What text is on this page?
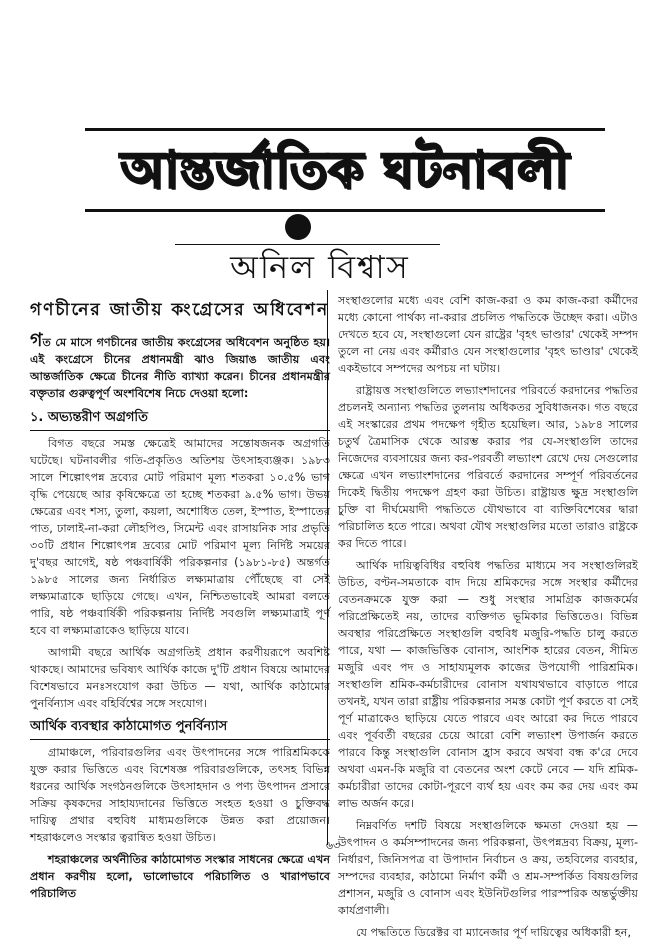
আন্তর্জাতিক ঘটনাবলী
অনিল বিশ্বাস
গণচীনের জাতীয় কংগ্রেসের অধিবেশন
গত মে মাসে গণচীনের জাতীয় কংগ্রেসের অধিবেশন অনুষ্ঠিত হয়। এই কংগ্রেসে চীনের প্রধানমন্ত্রী ঝাও জিয়াঙ জাতীয় এবং আন্তর্জাতিক ক্ষেত্রে চীনের নীতি ব্যাখ্যা করেন। চীনের প্রধানমন্ত্রীর বক্তৃতার গুরুত্বপূর্ণ অংশবিশেষ নিচে দেওয়া হলো:
১. অভ্যন্তরীণ অগ্রগতি

বিগত বছরে সমস্ত ক্ষেত্রেই আমাদের সন্তোষজনক অগ্রগতি ঘটেছে। ঘটনাবলীর গতি-প্রকৃতিও অতিশয় উৎসাহব্যঞ্জক। ১৯৮৩ সালে শিল্পোৎপন্ন দ্রব্যের মোট পরিমাণ মূল্য শতকরা ১০.৫% ভাগ বৃদ্ধি পেয়েছে আর কৃষিক্ষেত্রে তা হচ্ছে শতকরা ৯.৫% ভাগ। উভয় ক্ষেত্রের এবং শস্য, তুলা, কয়লা, অশোধিত তেল, ইস্পাত, ইস্পাতের পাত, ঢালাই-না-করা লৌহপিণ্ড, সিমেন্ট এবং রাসায়নিক সার প্রভৃতি ৩০টি প্রধান শিল্পোৎপন্ন দ্রব্যের মোট পরিমাণ মূল্য নির্দিষ্ট সময়ের দু'বছর আগেই, ষষ্ঠ পঞ্চবার্ষিকী পরিকল্পনার (১৯৮১-৮৫) অন্তর্গত ১৯৮৫ সালের জন্য নির্ধারিত লক্ষ্যমাত্রায় পৌঁছেছে বা সেই লক্ষ্যমাত্রাকে ছাড়িয়ে গেছে। এখন, নিশ্চিতভাবেই আমরা বলতে পারি, ষষ্ঠ পঞ্চবার্ষিকী পরিকল্পনায় নির্দিষ্ট সবগুলি লক্ষ্যমাত্রাই পূর্ণ হবে বা লক্ষ্যমাত্রাকেও ছাড়িয়ে যাবে।

আগামী বছরে আর্থিক অগ্রগতিই প্রধান করণীয়রূপে অবশিষ্ট থাকছে। আমাদের ভবিষ্যৎ আর্থিক কাজে দু'টি প্রধান বিষয়ে আমাদের বিশেষভাবে মনঃসংযোগ করা উচিত — যথা, আর্থিক কাঠামোর পুনর্বিন্যাস এবং বহির্বিশ্বের সঙ্গে সংযোগ।

আর্থিক ব্যবস্থার কাঠামোগত পুনর্বিন্যাস

গ্রামাঞ্চলে, পরিবারগুলির এবং উৎপাদনের সঙ্গে পারিশ্রমিককে যুক্ত করার ভিত্তিতে এবং বিশেষজ্ঞ পরিবারগুলিকে, তৎসহ বিভিন্ন ধরনের আর্থিক সংগঠনগুলিকে উৎসাহদান ও পণ্য উৎপাদন প্রসারে সক্রিয় কৃষকদের সাহায্যদানের ভিত্তিতে সংহত হওয়া ও চুক্তিবদ্ধ দায়িত্ব প্রথার বহুবিধ মাধ্যমগুলিকে উন্নত করা প্রয়োজন। শহরাঞ্চলেও সংস্কার ত্বরান্বিত হওয়া উচিত।

শহরাঞ্চলের অর্থনীতির কাঠামোগত সংস্কার সাধনের ক্ষেত্রে এখন প্রধান করণীয় হলো, ভালোভাবে পরিচালিত ও খারাপভাবে পরিচালিত

সংস্থাগুলোর মধ্যে এবং বেশি কাজ-করা ও কম কাজ-করা কর্মীদের মধ্যে কোনো পার্থক্য না-করার প্রচলিত পদ্ধতিকে উচ্ছেদ করা। এটাও দেখতে হবে যে, সংস্থাগুলো যেন রাষ্ট্রের 'বৃহৎ ভাণ্ডার' থেকেই সম্পদ তুলে না নেয় এবং কর্মীরাও যেন সংস্থাগুলোর 'বৃহৎ ভাণ্ডার' থেকেই একইভাবে সম্পদের অপচয় না ঘটায়।

রাষ্ট্রায়ত্ত সংস্থাগুলিতে লভ্যাংশদানের পরিবর্তে করদানের পদ্ধতির প্রচলনই অন্যান্য পদ্ধতির তুলনায় অধিকতর সুবিধাজনক। গত বছরে এই সংস্কারের প্রথম পদক্ষেপ গৃহীত হয়েছিল। আর, ১৯৮৪ সালের চতুর্থ ত্রৈমাসিক থেকে আরম্ভ করার পর যে-সংস্থাগুলি তাদের নিজেদের ব্যবসায়ের জন্য কর-পরবর্তী লভ্যাংশ রেখে দেয় সেগুলোর ক্ষেত্রে এখন লভ্যাংশদানের পরিবর্তে করদানের সম্পূর্ণ পরিবর্তনের দিকেই দ্বিতীয় পদক্ষেপ গ্রহণ করা উচিত। রাষ্ট্রায়ত্ত ক্ষুদ্র সংস্থাগুলি চুক্তি বা দীর্ঘমেয়াদী পদ্ধতিতে যৌথভাবে বা ব্যক্তিবিশেষের দ্বারা পরিচালিত হতে পারে। অথবা যৌথ সংস্থাগুলির মতো তারাও রাষ্ট্রকে কর দিতে পারে।

আর্থিক দায়িত্ববিধির বহুবিধ পদ্ধতির মাধ্যমে সব সংস্থাগুলিরই উচিত, বণ্টন-সমতাকে বাদ দিয়ে শ্রমিকদের সঙ্গে সংস্থার কর্মীদের বেতনক্রমকে যুক্ত করা — শুধু সংস্থার সামগ্রিক কাজকর্মের পরিপ্রেক্ষিতেই নয়, তাদের ব্যক্তিগত ভূমিকার ভিত্তিতেও। বিভিন্ন অবস্থার পরিপ্রেক্ষিতে সংস্থাগুলি বহুবিধ মজুরি-পদ্ধতি চালু করতে পারে, যথা — কাজভিত্তিক বোনাস, আংশিক হারের বেতন, সীমিত মজুরি এবং পদ ও সাহায্যমূলক কাজের উপযোগী পারিশ্রমিক। সংস্থাগুলি শ্রমিক-কর্মচারীদের বোনাস যথাযথভাবে বাড়াতে পারে তখনই, যখন তারা রাষ্ট্রীয় পরিকল্পনার সমস্ত কোটা পূর্ণ করতে বা সেই পূর্ণ মাত্রাকেও ছাড়িয়ে যেতে পারবে এবং আরো কর দিতে পারবে এবং পূর্ববর্তী বছরের চেয়ে আরো বেশি লভ্যাংশ উপার্জন করতে পারবে কিন্তু সংস্থাগুলি বোনাস হ্রাস করবে অথবা বন্ধ ক'রে দেবে অথবা এমন-কি মজুরি বা বেতনের অংশ কেটে নেবে — যদি শ্রমিক-কর্মচারীরা তাদের কোটা-পূরণে ব্যর্থ হয় এবং কম কর দেয় এবং কম লাভ অর্জন করে।

নিম্নবর্ণিত দশটি বিষয়ে সংস্থাগুলিকে ক্ষমতা দেওয়া হয় — উৎপাদন ও কর্মসম্পাদনের জন্য পরিকল্পনা, উৎপন্নদ্রব্য বিক্রয়, মূল্য-নির্ধারণ, জিনিসপত্র বা উপাদান নির্বাচন ও ক্রয়, তহবিলের ব্যবহার, সম্পদের ব্যবহার, কাঠামো নির্মাণ কর্মী ও শ্রম-সম্পর্কিত বিষয়গুলির প্রশাসন, মজুরি ও বোনাস এবং ইউনিটগুলির পারস্পরিক অন্তর্ভুক্তীয় কার্যপ্রণালী।

যে পদ্ধতিতে ডিরেক্টর বা ম্যানেজার পূর্ণ দায়িত্বের অধিকারী হন,

৬৩
